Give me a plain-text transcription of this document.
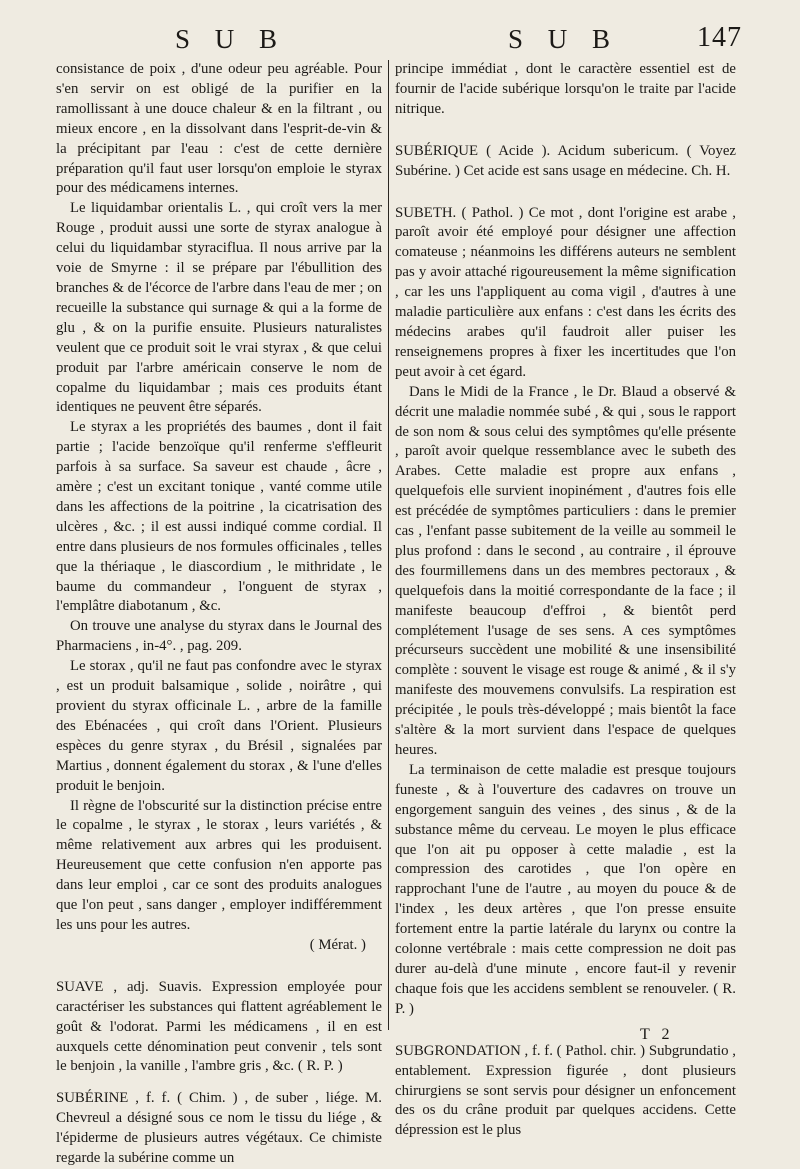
S U B	S U B	147

consistance de poix , d'une odeur peu agréable. Pour s'en servir on est obligé de la purifier en la ramollissant à une douce chaleur & en la filtrant , ou mieux encore , en la dissolvant dans l'esprit-de-vin & la précipitant par l'eau : c'est de cette dernière préparation qu'il faut user lorsqu'on emploie le styrax pour des médicamens internes.

Le liquidambar orientalis L. , qui croît vers la mer Rouge , produit aussi une sorte de styrax analogue à celui du liquidambar styraciflua. Il nous arrive par la voie de Smyrne : il se prépare par l'ébullition des branches & de l'écorce de l'arbre dans l'eau de mer ; on recueille la substance qui surnage & qui a la forme de glu , & on la purifie ensuite. Plusieurs naturalistes veulent que ce produit soit le vrai styrax , & que celui produit par l'arbre américain conserve le nom de copalme du liquidambar ; mais ces produits étant identiques ne peuvent être séparés.

Le styrax a les propriétés des baumes , dont il fait partie ; l'acide benzoïque qu'il renferme s'effleurit parfois à sa surface. Sa saveur est chaude , âcre , amère ; c'est un excitant tonique , vanté comme utile dans les affections de la poitrine , la cicatrisation des ulcères , &c. ; il est aussi indiqué comme cordial. Il entre dans plusieurs de nos formules officinales , telles que la thériaque , le diascordium , le mithridate , le baume du commandeur , l'onguent de styrax , l'emplâtre diabotanum , &c.

On trouve une analyse du styrax dans le Journal des Pharmaciens , in-4°. , pag. 209.

Le storax , qu'il ne faut pas confondre avec le styrax , est un produit balsamique , solide , noirâtre , qui provient du styrax officinale L. , arbre de la famille des Ebénacées , qui croît dans l'Orient. Plusieurs espèces du genre styrax , du Brésil , signalées par Martius , donnent également du storax , & l'une d'elles produit le benjoin.

Il règne de l'obscurité sur la distinction précise entre le copalme , le styrax , le storax , leurs variétés , & même relativement aux arbres qui les produisent. Heureusement que cette confusion n'en apporte pas dans leur emploi , car ce sont des produits analogues que l'on peut , sans danger , employer indifféremment les uns pour les autres.

( Mérat. )

SUAVE , adj. Suavis. Expression employée pour caractériser les substances qui flattent agréablement le goût & l'odorat. Parmi les médicamens , il en est auxquels cette dénomination peut convenir , tels sont le benjoin , la vanille , l'ambre gris , &c. ( R. P. )

SUBÉRINE , f. f. ( Chim. ) , de suber , liége. M. Chevreul a désigné sous ce nom le tissu du liége , & l'épiderme de plusieurs autres végétaux. Ce chimiste regarde la subérine comme un

principe immédiat , dont le caractère essentiel est de fournir de l'acide subérique lorsqu'on le traite par l'acide nitrique.

SUBÉRIQUE ( Acide ). Acidum subericum. ( Voyez Subérine. ) Cet acide est sans usage en médecine. Ch. H.

SUBETH. ( Pathol. ) Ce mot , dont l'origine est arabe , paroît avoir été employé pour désigner une affection comateuse ; néanmoins les différens auteurs ne semblent pas y avoir attaché rigoureusement la même signification , car les uns l'appliquent au coma vigil , d'autres à une maladie particulière aux enfans : c'est dans les écrits des médecins arabes qu'il faudroit aller puiser les renseignemens propres à fixer les incertitudes que l'on peut avoir à cet égard.

Dans le Midi de la France , le Dr. Blaud a observé & décrit une maladie nommée subé , & qui , sous le rapport de son nom & sous celui des symptômes qu'elle présente , paroît avoir quelque ressemblance avec le subeth des Arabes. Cette maladie est propre aux enfans , quelquefois elle survient inopinément , d'autres fois elle est précédée de symptômes particuliers : dans le premier cas , l'enfant passe subitement de la veille au sommeil le plus profond : dans le second , au contraire , il éprouve des fourmillemens dans un des membres pectoraux , & quelquefois dans la moitié correspondante de la face ; il manifeste beaucoup d'effroi , & bientôt perd complétement l'usage de ses sens. A ces symptômes précurseurs succèdent une mobilité & une insensibilité complète : souvent le visage est rouge & animé , & il s'y manifeste des mouvemens convulsifs. La respiration est précipitée , le pouls très-développé ; mais bientôt la face s'altère & la mort survient dans l'espace de quelques heures.

La terminaison de cette maladie est presque toujours funeste , & à l'ouverture des cadavres on trouve un engorgement sanguin des veines , des sinus , & de la substance même du cerveau. Le moyen le plus efficace que l'on ait pu opposer à cette maladie , est la compression des carotides , que l'on opère en rapprochant l'une de l'autre , au moyen du pouce & de l'index , les deux artères , que l'on presse ensuite fortement entre la partie latérale du larynx ou contre la colonne vertébrale : mais cette compression ne doit pas durer au-delà d'une minute , encore faut-il y revenir chaque fois que les accidens semblent se renouveler. ( R. P. )

SUBGRONDATION , f. f. ( Pathol. chir. ) Subgrundatio , entablement. Expression figurée , dont plusieurs chirurgiens se sont servis pour désigner un enfoncement des os du crâne produit par quelques accidens. Cette dépression est le plus

T 2
